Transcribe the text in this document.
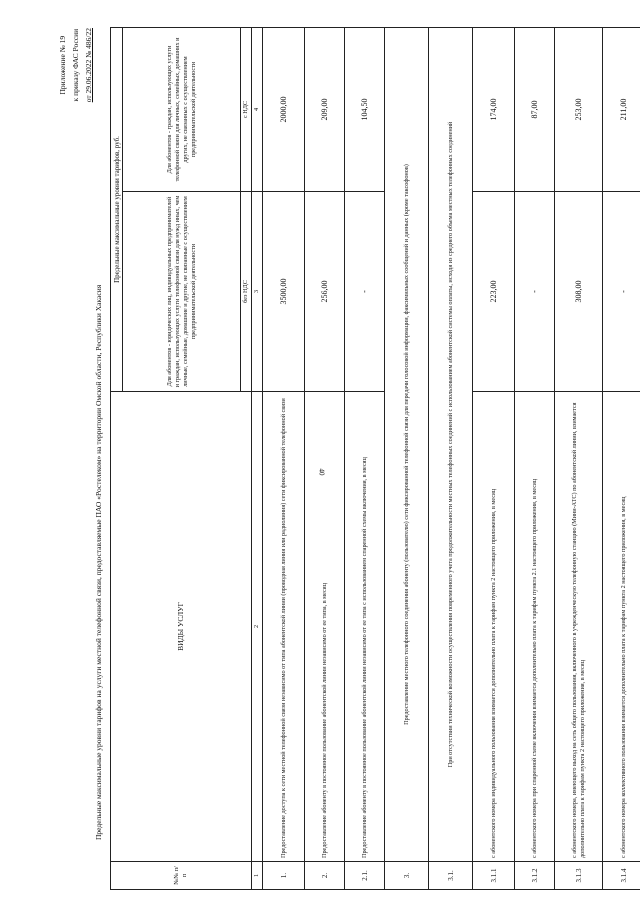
40
Приложение № 19 к приказу ФАС России от 29.06.2022 № 486/22
Предельные максимальные уровни тарифов на услуги местной телефонной связи, предоставляемые ПАО «Ростелеком» на территории Омской области, Республики Хакасия
№№ п/п	ВИДЫ УСЛУГ	Предельные максимальные уровни тарифов, руб.	
		Для абонентов - юридических лиц, индивидуальных предпринимателей и граждан, использующих услуги телефонной связи для нужд иных, чем личные, семейные, домашние и другие, не связанные с осуществлением предпринимательской деятельности	Для абонентов - граждан, использующих услуги телефонной связи для личных, семейных, домашних и других, не связанных с осуществлением предпринимательской деятельности
		без НДС	с НДС
1	2	3	4
1.	Предоставление доступа к сети местной телефонной связи независимо от типа абонентской линии (проводная линия или радиолиния) сети фиксированной телефонной связи	3500,00	2000,00
2.	Предоставление абоненту в постоянное пользование абонентской линии независимо от ее типа, в месяц	256,00	209,00
2.1.	Предоставление абоненту в постоянное пользование абонентской линии независимо от ее типа с использованием спаренной схемы включения, в месяц	-	104,50
3.	Предоставление местного телефонного соединения абоненту (пользователю) сети фиксированной телефонной связи для передачи голосовой информации, факсимильных сообщений и данных (кроме таксофонов)		
3.1.	При отсутствии технической возможности осуществления повременного учета продолжительности местных телефонных соединений с использованием абонентской системы оплаты, исходя из среднего объема местных телефонных соединений		
3.1.1	с абонентского номера индивидуального пользования взимается дополнительно плата к тарифам пункта 2 настоящего приложения, в месяц	223,00	174,00
3.1.2	с абонентского номера при спаренной схеме включения взимается дополнительно плата к тарифам пункта 2.1 настоящего приложения, в месяц	-	87,00
3.1.3	с абонентского номера, имеющего выход на сеть общего пользования, включенного в учрежденческую телефонную станцию (Мини-АТС) по абонентской линии, взимается дополнительно плата к тарифам пункта 2 настоящего приложения, в месяц	308,00	253,00
3.1.4	с абонентского номера коллективного пользования взимается дополнительно плата к тарифам пункта 2 настоящего приложения, в месяц	-	211,00
